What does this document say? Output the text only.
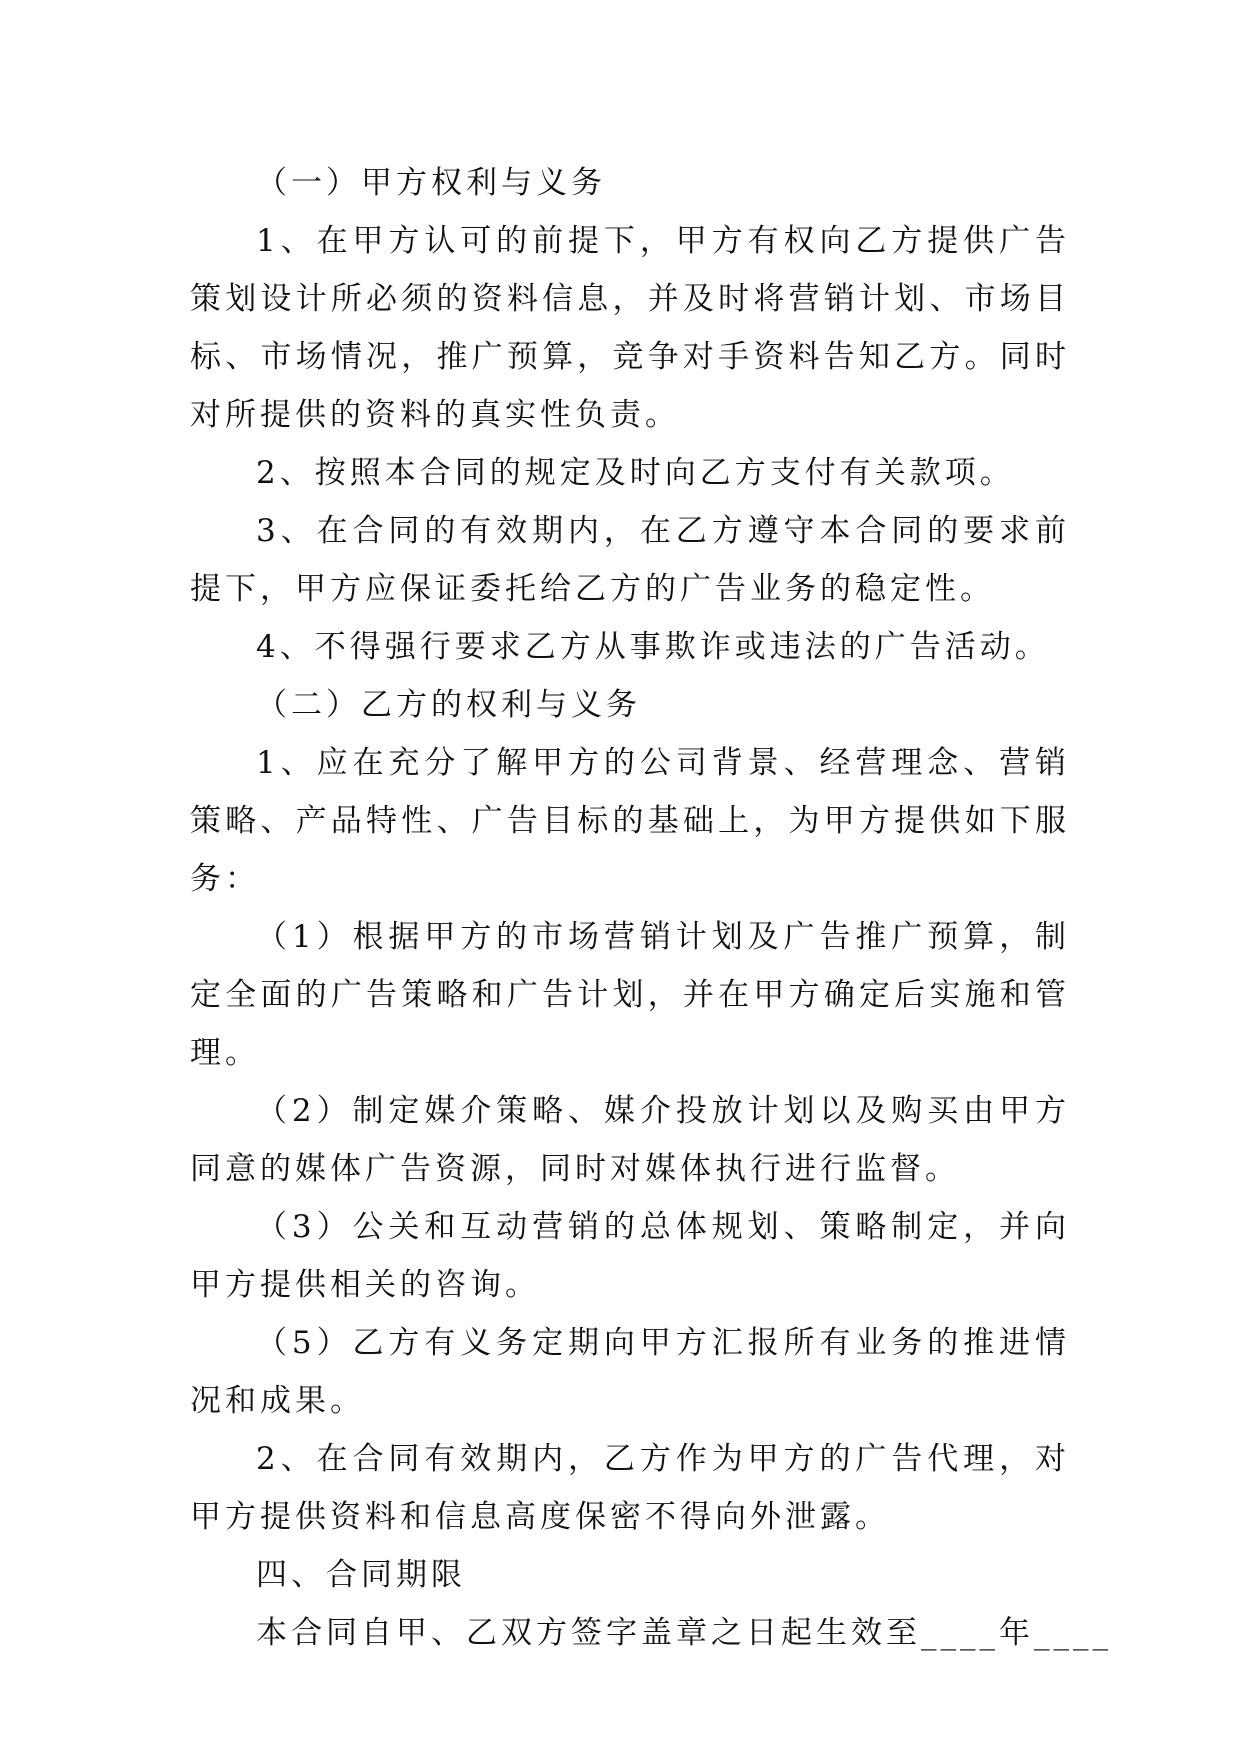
（一）甲方权利与义务

1、在甲方认可的前提下，甲方有权向乙方提供广告策划设计所必须的资料信息，并及时将营销计划、市场目标、市场情况，推广预算，竞争对手资料告知乙方。同时对所提供的资料的真实性负责。

2、按照本合同的规定及时向乙方支付有关款项。

3、在合同的有效期内，在乙方遵守本合同的要求前提下，甲方应保证委托给乙方的广告业务的稳定性。

4、不得强行要求乙方从事欺诈或违法的广告活动。

（二）乙方的权利与义务

1、应在充分了解甲方的公司背景、经营理念、营销策略、产品特性、广告目标的基础上，为甲方提供如下服务：

（1）根据甲方的市场营销计划及广告推广预算，制定全面的广告策略和广告计划，并在甲方确定后实施和管理。

（2）制定媒介策略、媒介投放计划以及购买由甲方同意的媒体广告资源，同时对媒体执行进行监督。

（3）公关和互动营销的总体规划、策略制定，并向甲方提供相关的咨询。

（5）乙方有义务定期向甲方汇报所有业务的推进情况和成果。

2、在合同有效期内，乙方作为甲方的广告代理，对甲方提供资料和信息高度保密不得向外泄露。

四、合同期限

本合同自甲、乙双方签字盖章之日起生效至____年____
